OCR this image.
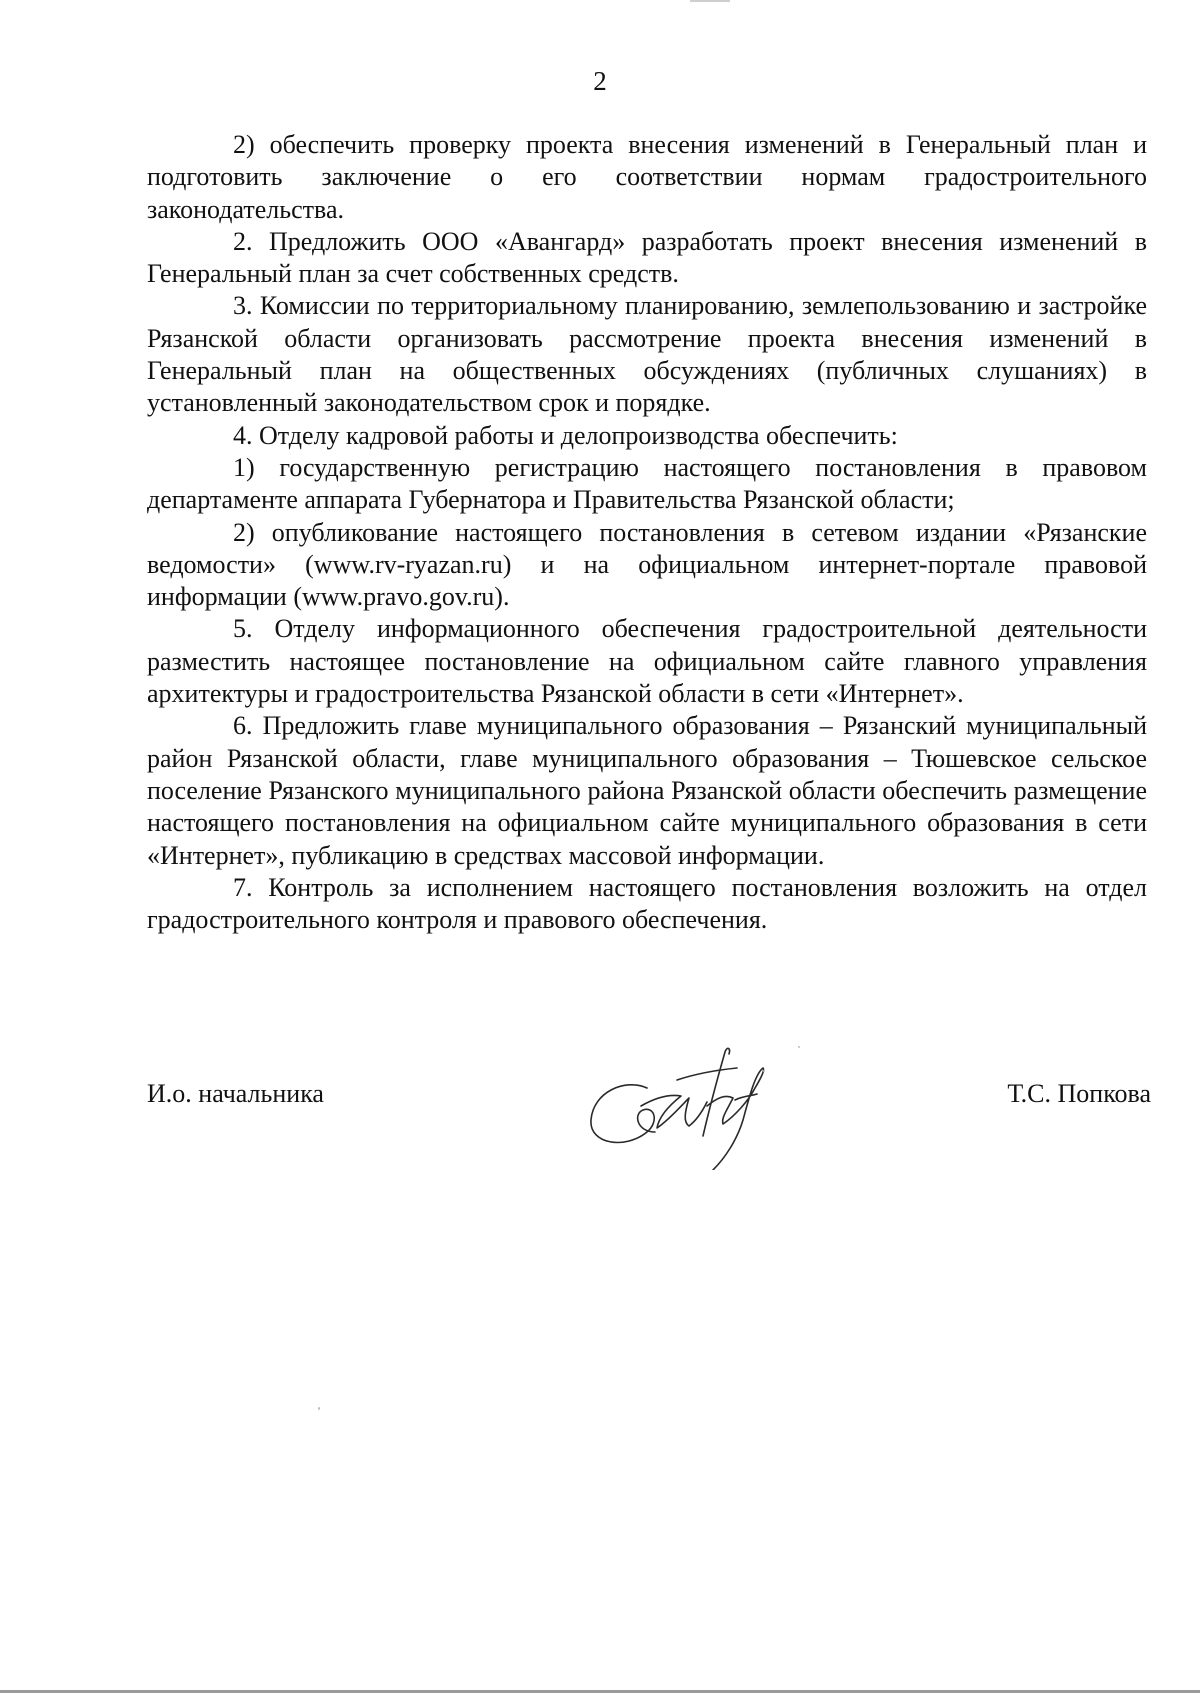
2

2) обеспечить проверку проекта внесения изменений в Генеральный план и подготовить заключение о его соответствии нормам градостроительного законодательства.

2. Предложить ООО «Авангард» разработать проект внесения изменений в Генеральный план за счет собственных средств.

3. Комиссии по территориальному планированию, землепользованию и застройке Рязанской области организовать рассмотрение проекта внесения изменений в Генеральный план на общественных обсуждениях (публичных слушаниях) в установленный законодательством срок и порядке.

4. Отделу кадровой работы и делопроизводства обеспечить:

1) государственную регистрацию настоящего постановления в правовом департаменте аппарата Губернатора и Правительства Рязанской области;

2) опубликование настоящего постановления в сетевом издании «Рязанские ведомости» (www.rv-ryazan.ru) и на официальном интернет-портале правовой информации (www.pravo.gov.ru).

5. Отделу информационного обеспечения градостроительной деятельности разместить настоящее постановление на официальном сайте главного управления архитектуры и градостроительства Рязанской области в сети «Интернет».

6. Предложить главе муниципального образования – Рязанский муниципальный район Рязанской области, главе муниципального образования – Тюшевское сельское поселение Рязанского муниципального района Рязанской области обеспечить размещение настоящего постановления на официальном сайте муниципального образования в сети «Интернет», публикацию в средствах массовой информации.

7. Контроль за исполнением настоящего постановления возложить на отдел градостроительного контроля и правового обеспечения.

И.о. начальника	Т.С. Попкова
